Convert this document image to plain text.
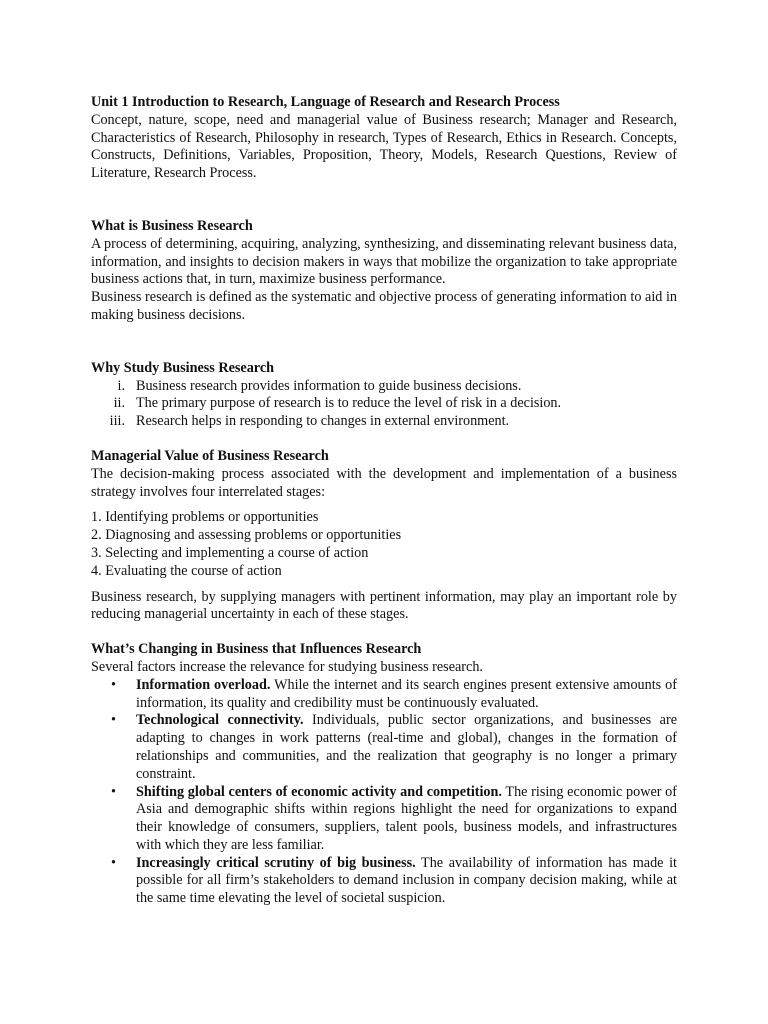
Unit 1 Introduction to Research, Language of Research and Research Process

Concept, nature, scope, need and managerial value of Business research; Manager and Research, Characteristics of Research, Philosophy in research, Types of Research, Ethics in Research. Concepts, Constructs, Definitions, Variables, Proposition, Theory, Models, Research Questions, Review of Literature, Research Process.

What is Business Research

A process of determining, acquiring, analyzing, synthesizing, and disseminating relevant business data, information, and insights to decision makers in ways that mobilize the organization to take appropriate business actions that, in turn, maximize business performance.

Business research is defined as the systematic and objective process of generating information to aid in making business decisions.

Why Study Business Research

i. Business research provides information to guide business decisions.
ii. The primary purpose of research is to reduce the level of risk in a decision.
iii. Research helps in responding to changes in external environment.

Managerial Value of Business Research

The decision-making process associated with the development and implementation of a business strategy involves four interrelated stages:

1. Identifying problems or opportunities
2. Diagnosing and assessing problems or opportunities
3. Selecting and implementing a course of action
4. Evaluating the course of action

Business research, by supplying managers with pertinent information, may play an important role by reducing managerial uncertainty in each of these stages.

What’s Changing in Business that Influences Research

Several factors increase the relevance for studying business research.

• Information overload. While the internet and its search engines present extensive amounts of information, its quality and credibility must be continuously evaluated.
• Technological connectivity. Individuals, public sector organizations, and businesses are adapting to changes in work patterns (real-time and global), changes in the formation of relationships and communities, and the realization that geography is no longer a primary constraint.
• Shifting global centers of economic activity and competition. The rising economic power of Asia and demographic shifts within regions highlight the need for organizations to expand their knowledge of consumers, suppliers, talent pools, business models, and infrastructures with which they are less familiar.
• Increasingly critical scrutiny of big business. The availability of information has made it possible for all firm’s stakeholders to demand inclusion in company decision making, while at the same time elevating the level of societal suspicion.
